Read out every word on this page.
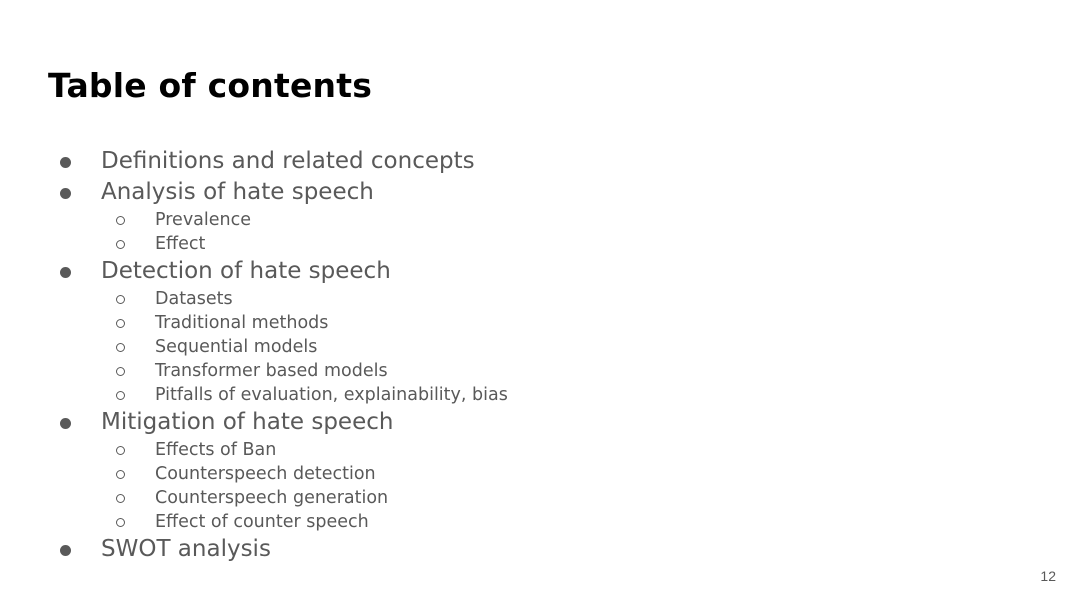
Table of contents
Definitions and related concepts
Analysis of hate speech
Prevalence
Effect
Detection of hate speech
Datasets
Traditional methods
Sequential models
Transformer based models
Pitfalls of evaluation, explainability, bias
Mitigation of hate speech
Effects of Ban
Counterspeech detection
Counterspeech generation
Effect of counter speech
SWOT analysis
12
